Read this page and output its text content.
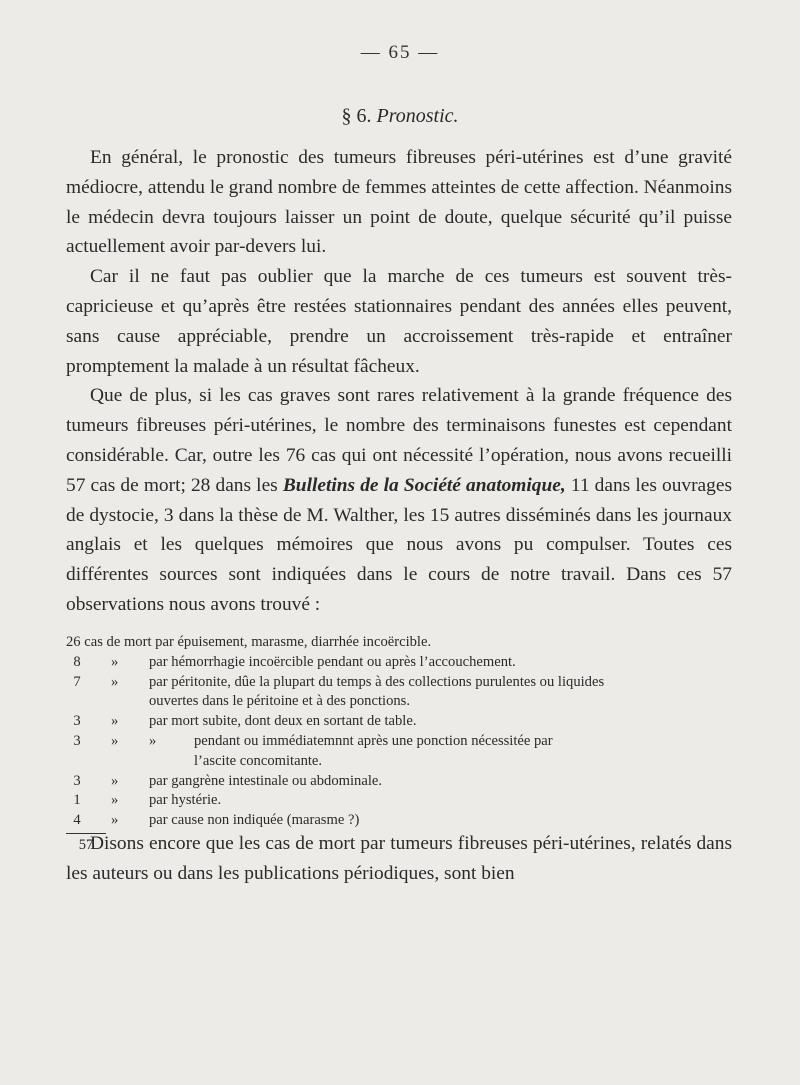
— 65 —
§ 6. Pronostic.

En général, le pronostic des tumeurs fibreuses péri-utérines est d’une gravité médiocre, attendu le grand nombre de femmes atteintes de cette affection. Néanmoins le médecin devra toujours laisser un point de doute, quelque sécurité qu’il puisse actuellement avoir par-devers lui.

Car il ne faut pas oublier que la marche de ces tumeurs est souvent très-capricieuse et qu’après être restées stationnaires pendant des années elles peuvent, sans cause appréciable, prendre un accroissement très-rapide et entraîner promptement la malade à un résultat fâcheux.

Que de plus, si les cas graves sont rares relativement à la grande fréquence des tumeurs fibreuses péri-utérines, le nombre des terminaisons funestes est cependant considérable. Car, outre les 76 cas qui ont nécessité l’opération, nous avons recueilli 57 cas de mort; 28 dans les Bulletins de la Société anatomique, 11 dans les ouvrages de dystocie, 3 dans la thèse de M. Walther, les 15 autres disséminés dans les journaux anglais et les quelques mémoires que nous avons pu compulser. Toutes ces différentes sources sont indiquées dans le cours de notre travail. Dans ces 57 observations nous avons trouvé :

26 cas de mort par épuisement, marasme, diarrhée incoërcible.
8	» par hémorrhagie incoërcible pendant ou après l’accouchement.
7	» par péritonite, dûe la plupart du temps à des collections purulentes ou liquides
ouvertes dans le péritoine et à des ponctions.
3	» par mort subite, dont deux en sortant de table.
3	» »	pendant ou immédiatemnnt après une ponction nécessitée par
l’ascite concomitante.
3	» par gangrène intestinale ou abdominale.
1	» par hystérie.
4	» par cause non indiquée (marasme ?)
57

Disons encore que les cas de mort par tumeurs fibreuses péri-utérines, relatés dans les auteurs ou dans les publications périodiques, sont bien
